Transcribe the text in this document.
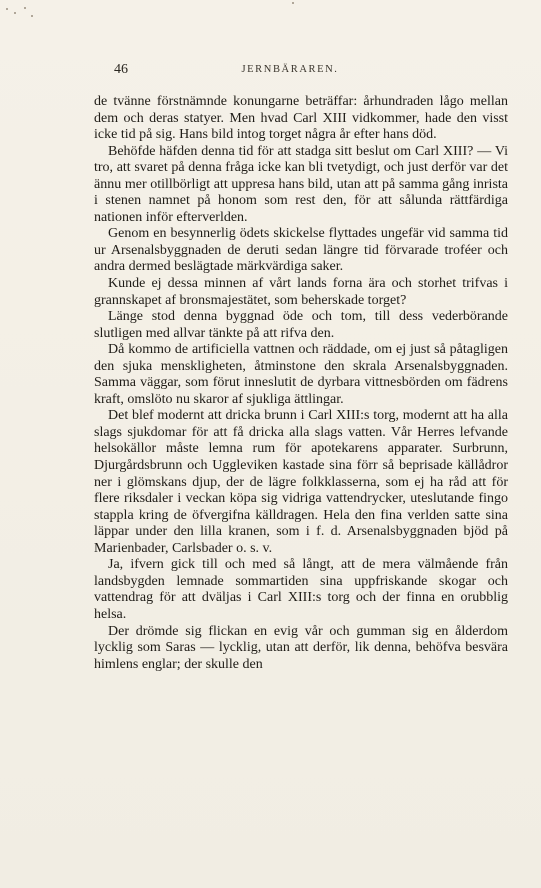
46	JERNBÄRAREN.

de tvänne förstnämnde konungarne beträffar: århundraden lågo mellan dem och deras statyer. Men hvad Carl XIII vidkommer, hade den visst icke tid på sig. Hans bild intog torget några år efter hans död.

Behöfde häfden denna tid för att stadga sitt beslut om Carl XIII? — Vi tro, att svaret på denna fråga icke kan bli tvetydigt, och just derför var det ännu mer otillbörligt att uppresa hans bild, utan att på samma gång inrista i stenen namnet på honom som rest den, för att sålunda rättfärdiga nationen inför efterverlden.

Genom en besynnerlig ödets skickelse flyttades ungefär vid samma tid ur Arsenalsbyggnaden de deruti sedan längre tid förvarade troféer och andra dermed beslägtade märkvärdiga saker.

Kunde ej dessa minnen af vårt lands forna ära och storhet trifvas i grannskapet af bronsmajestätet, som beherskade torget?

Länge stod denna byggnad öde och tom, till dess vederbörande slutligen med allvar tänkte på att rifva den.

Då kommo de artificiella vattnen och räddade, om ej just så påtagligen den sjuka menskligheten, åtminstone den skrala Arsenalsbyggnaden. Samma väggar, som förut inneslutit de dyrbara vittnesbörden om fädrens kraft, omslöto nu skaror af sjukliga ättlingar.

Det blef modernt att dricka brunn i Carl XIII:s torg, modernt att ha alla slags sjukdomar för att få dricka alla slags vatten. Vår Herres lefvande helsokällor måste lemna rum för apotekarens apparater. Surbrunn, Djurgårdsbrunn och Uggleviken kastade sina förr så beprisade källådror ner i glömskans djup, der de lägre folkklasserna, som ej ha råd att för flere riksdaler i veckan köpa sig vidriga vattendrycker, uteslutande fingo stappla kring de öfvergifna källdragen. Hela den fina verlden satte sina läppar under den lilla kranen, som i f. d. Arsenalsbyggnaden bjöd på Marienbader, Carlsbader o. s. v.

Ja, ifvern gick till och med så långt, att de mera välmående från landsbygden lemnade sommartiden sina uppfriskande skogar och vattendrag för att dväljas i Carl XIII:s torg och der finna en orubblig helsa.

Der drömde sig flickan en evig vår och gumman sig en ålderdom lycklig som Saras — lycklig, utan att derför, lik denna, behöfva besvära himlens englar; der skulle den
